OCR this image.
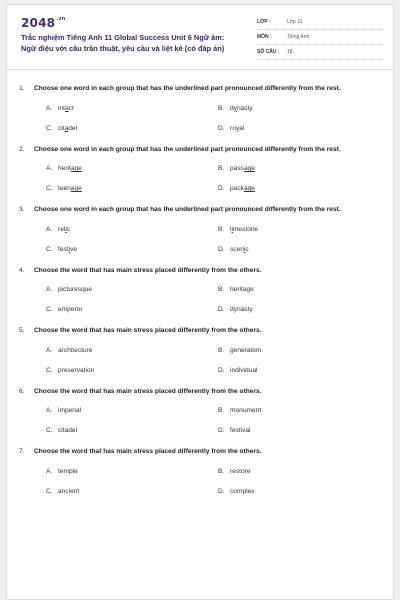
$2048^{.vn}$
Trắc nghiệm Tiếng Anh 11 Global Success Unit 6 Ngữ âm: Ngữ điệu với câu trần thuật, yêu cầu và liệt kê (có đáp án)
LỚP :	Lớp 11
MÔN :	Tiếng Anh
SỐ CÂU :	18
1.	Choose one word in each group that has the underlined part pronounced differently from the rest.
A. intact	B. dynasty
C. citadel	D. royal
2.	Choose one word in each group that has the underlined part pronounced differently from the rest.
A. heritage	B. passage
C. teenage	D. package
3.	Choose one word in each group that has the underlined part pronounced differently from the rest.
A. relic	B. limestone
C. festive	D. scenic
4.	Choose the word that has main stress placed differently from the others.
A. picturesque	B. heritage
C. emperor	D. dynasty
5.	Choose the word that has main stress placed differently from the others.
A. architecture	B. generation
C. preservation	D. individual
6.	Choose the word that has main stress placed differently from the others.
A. imperial	B. monument
C. citadel	D. festival
7.	Choose the word that has main stress placed differently from the others.
A. temple	B. restore
C. ancient	D. complex
